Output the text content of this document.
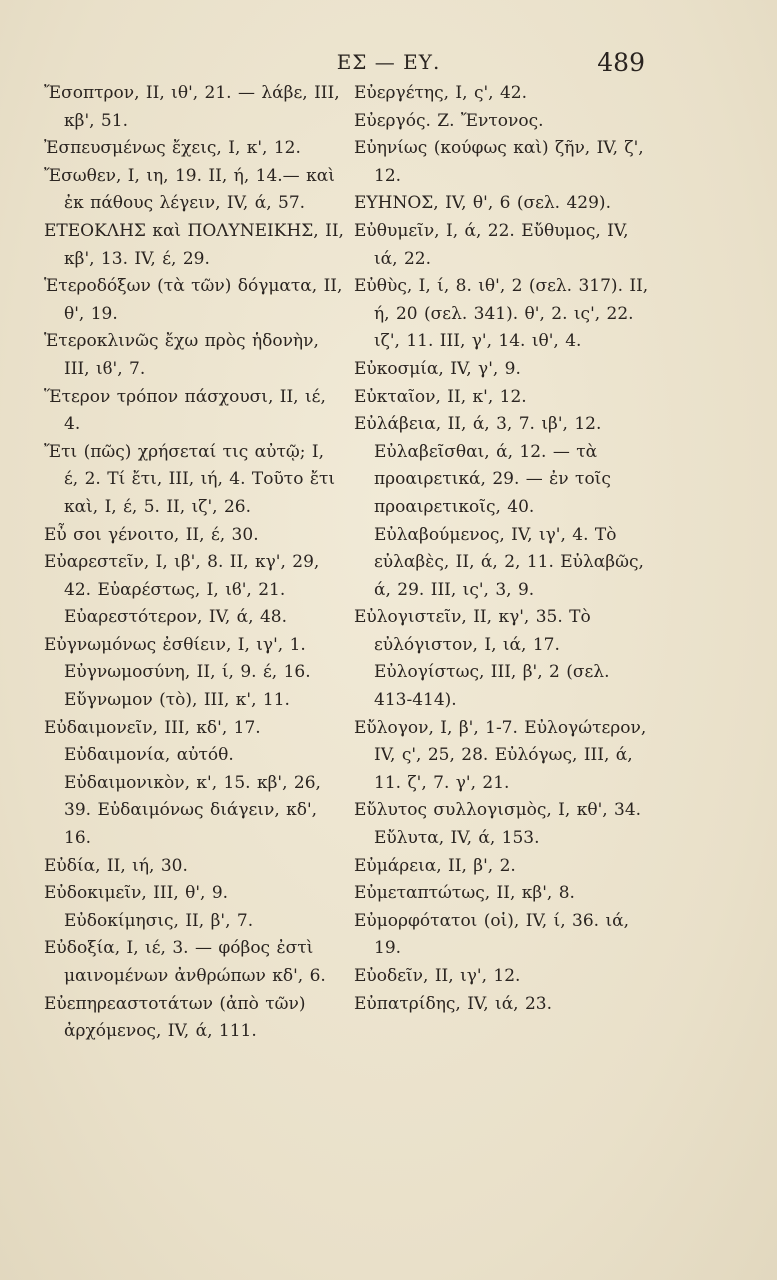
ΕΣ — ΕΥ.	489
Ἔσοπτρον, II, ιθ', 21. — λάβε, III, κβ', 51.
Ἐσπευσμένως ἔχεις, I, κ', 12.
Ἔσωθεν, I, ιη, 19. II, ή, 14.— καὶ ἐκ πάθους λέγειν, IV, ά, 57.
ΕΤΕΟΚΛΗΣ καὶ ΠΟΛΥΝΕΙΚΗΣ, II, κβ', 13. IV, έ, 29.
Ἑτεροδόξων (τὰ τῶν) δόγματα, II, θ', 19.
Ἑτεροκλινῶς ἔχω πρὸς ἡδονὴν, III, ιϐ', 7.
Ἕτερον τρόπον πάσχουσι, II, ιέ, 4.
Ἔτι (πῶς) χρήσεταί τις αὐτῷ; I, έ, 2. Τί ἔτι, III, ιή, 4. Τοῦτο ἔτι καὶ, I, έ, 5. II, ιζ', 26.
Εὖ σοι γένοιτο, II, έ, 30.
Εὐαρεστεῖν, I, ιβ', 8. II, κγ', 29, 42. Εὐαρέστως, I, ιϐ', 21. Εὐαρεστότερον, IV, ά, 48.
Εὐγνωμόνως ἐσθίειν, I, ιγ', 1. Εὐγνωμοσύνη, II, ί, 9. έ, 16. Εὔγνωμον (τὸ), III, κ', 11.
Εὐδαιμονεῖν, III, κδ', 17. Εὐδαιμονία, αὐτόθ. Εὐδαιμονικὸν, κ', 15. κβ', 26, 39. Εὐδαιμόνως διάγειν, κδ', 16.
Εὐδία, II, ιή, 30.
Εὐδοκιμεῖν, III, θ', 9. Εὐδοκίμησις, II, β', 7.
Εὐδοξία, I, ιέ, 3. — φόβος ἐστὶ μαινομένων ἀνθρώπων κδ', 6.
Εὐεπηρεαστοτάτων (ἀπὸ τῶν) ἀρχόμενος, IV, ά, 111.
Εὐεργέτης, I, ς', 42.
Εὐεργός. Ζ. Ἔντονος.
Εὐηνίως (κούφως καὶ) ζῆν, IV, ζ', 12.
ΕΥΗΝΟΣ, IV, θ', 6 (σελ. 429).
Εὐθυμεῖν, I, ά, 22. Εὔθυμος, IV, ιά, 22.
Εὐθὺς, I, ί, 8. ιθ', 2 (σελ. 317). II, ή, 20 (σελ. 341). θ', 2. ις', 22. ιζ', 11. III, γ', 14. ιθ', 4.
Εὐκοσμία, IV, γ', 9.
Εὐκταῖον, II, κ', 12.
Εὐλάβεια, II, ά, 3, 7. ιβ', 12. Εὐλαβεῖσθαι, ά, 12. — τὰ προαιρετικά, 29. — ἐν τοῖς προαιρετικοῖς, 40. Εὐλαβούμενος, IV, ιγ', 4. Τὸ εὐλαβὲς, II, ά, 2, 11. Εὐλαβῶς, ά, 29. III, ις', 3, 9.
Εὐλογιστεῖν, II, κγ', 35. Τὸ εὐλόγιστον, I, ιά, 17. Εὐλογίστως, III, β', 2 (σελ. 413-414).
Εὔλογον, I, β', 1-7. Εὐλογώτερον, IV, ς', 25, 28. Εὐλόγως, III, ά, 11. ζ', 7. γ', 21.
Εὔλυτος συλλογισμὸς, I, κθ', 34. Εὔλυτα, IV, ά, 153.
Εὐμάρεια, II, β', 2.
Εὐμεταπτώτως, II, κβ', 8.
Εὐμορφότατοι (οἱ), IV, ί, 36. ιά, 19.
Εὐοδεῖν, II, ιγ', 12.
Εὐπατρίδης, IV, ιά, 23.
